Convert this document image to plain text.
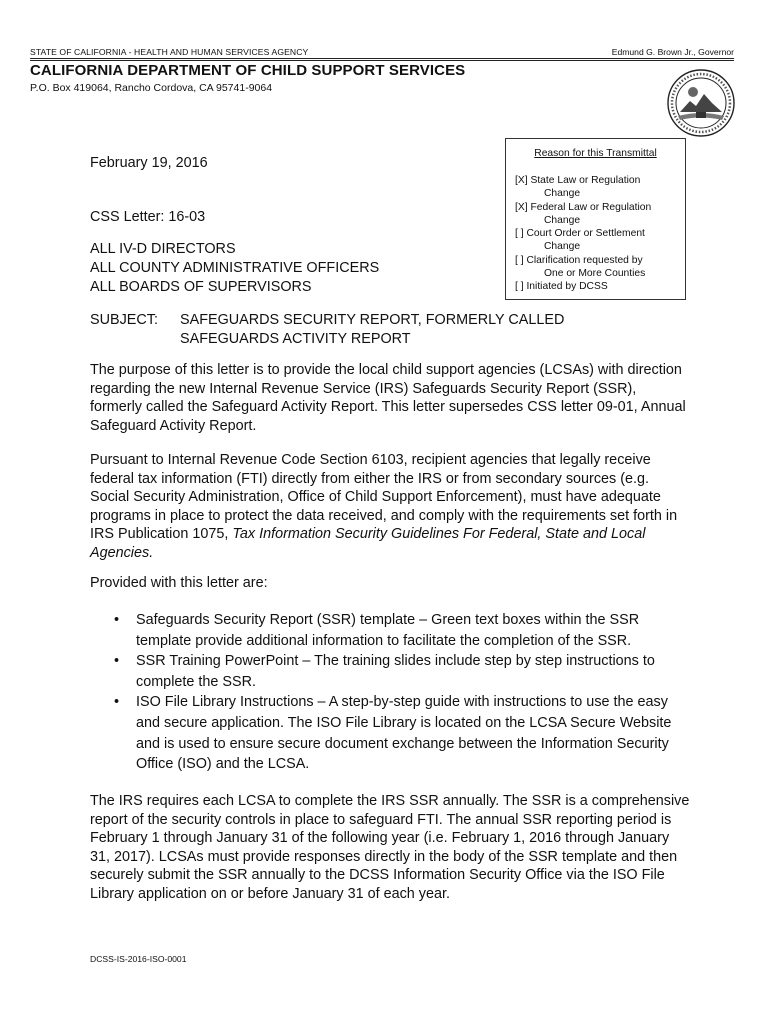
STATE OF CALIFORNIA - HEALTH AND HUMAN SERVICES AGENCY	Edmund G. Brown Jr., Governor
CALIFORNIA DEPARTMENT OF CHILD SUPPORT SERVICES
P.O. Box 419064, Rancho Cordova, CA 95741-9064
Reason for this Transmittal
[X] State Law or Regulation
Change
[X] Federal Law or Regulation
Change
[ ] Court Order or Settlement
Change
[ ] Clarification requested by
One or More Counties
[ ] Initiated by DCSS
February 19, 2016
CSS Letter: 16-03
ALL IV-D DIRECTORS
ALL COUNTY ADMINISTRATIVE OFFICERS
ALL BOARDS OF SUPERVISORS
SUBJECT: SAFEGUARDS SECURITY REPORT, FORMERLY CALLED
SAFEGUARDS ACTIVITY REPORT
The purpose of this letter is to provide the local child support agencies (LCSAs) with direction regarding the new Internal Revenue Service (IRS) Safeguards Security Report (SSR), formerly called the Safeguard Activity Report. This letter supersedes CSS letter 09-01, Annual Safeguard Activity Report.
Pursuant to Internal Revenue Code Section 6103, recipient agencies that legally receive federal tax information (FTI) directly from either the IRS or from secondary sources (e.g. Social Security Administration, Office of Child Support Enforcement), must have adequate programs in place to protect the data received, and comply with the requirements set forth in IRS Publication 1075, Tax Information Security Guidelines For Federal, State and Local Agencies.
Provided with this letter are:
• Safeguards Security Report (SSR) template – Green text boxes within the SSR template provide additional information to facilitate the completion of the SSR.
• SSR Training PowerPoint – The training slides include step by step instructions to complete the SSR.
• ISO File Library Instructions – A step-by-step guide with instructions to use the easy and secure application. The ISO File Library is located on the LCSA Secure Website and is used to ensure secure document exchange between the Information Security Office (ISO) and the LCSA.
The IRS requires each LCSA to complete the IRS SSR annually. The SSR is a comprehensive report of the security controls in place to safeguard FTI. The annual SSR reporting period is February 1 through January 31 of the following year (i.e. February 1, 2016 through January 31, 2017). LCSAs must provide responses directly in the body of the SSR template and then securely submit the SSR annually to the DCSS Information Security Office via the ISO File Library application on or before January 31 of each year.
DCSS-IS-2016-ISO-0001
